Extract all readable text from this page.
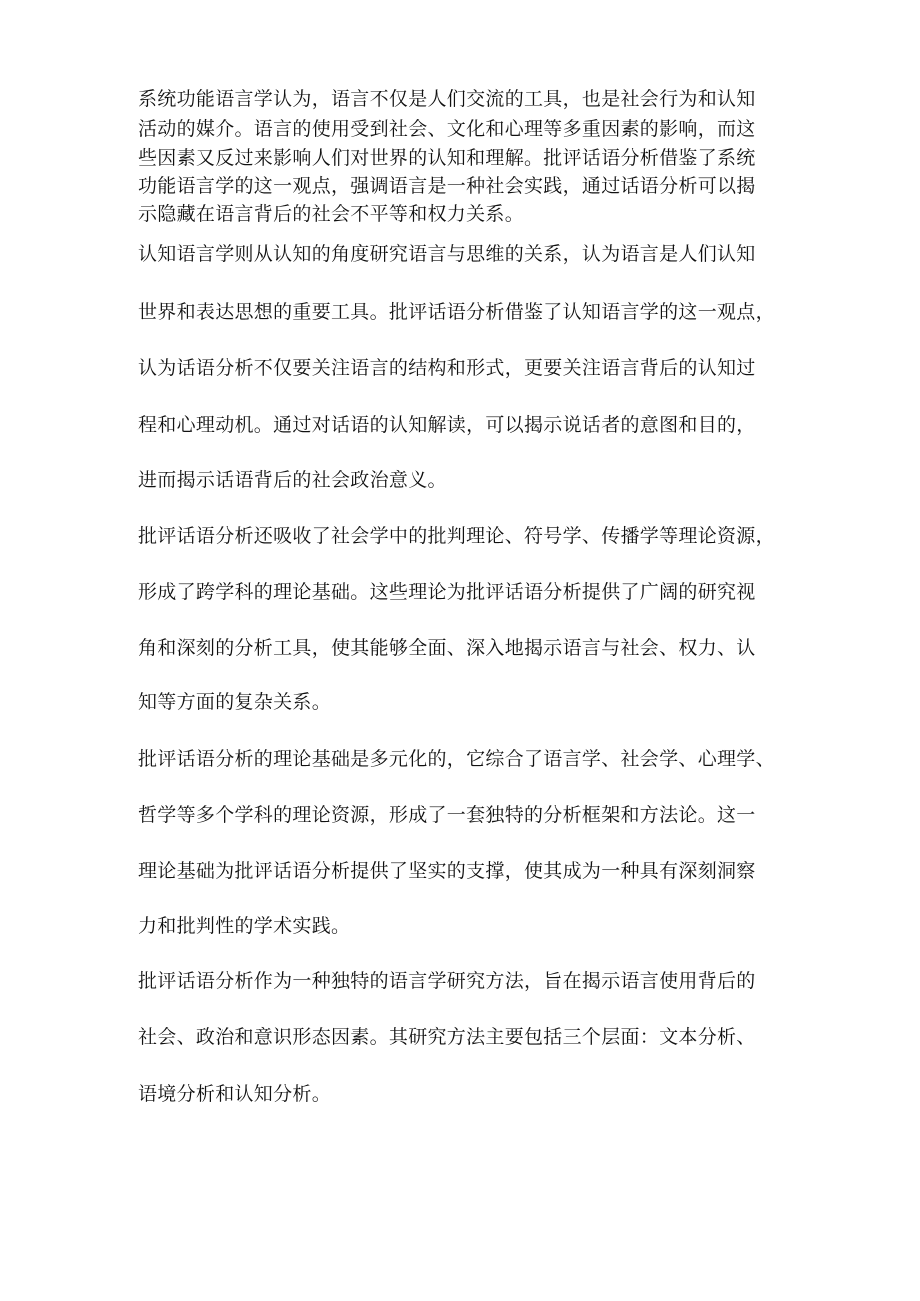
系统功能语言学认为，语言不仅是人们交流的工具，也是社会行为和认知
活动的媒介。语言的使用受到社会、文化和心理等多重因素的影响，而这
些因素又反过来影响人们对世界的认知和理解。批评话语分析借鉴了系统
功能语言学的这一观点，强调语言是一种社会实践，通过话语分析可以揭
示隐藏在语言背后的社会不平等和权力关系。
认知语言学则从认知的角度研究语言与思维的关系，认为语言是人们认知
世界和表达思想的重要工具。批评话语分析借鉴了认知语言学的这一观点，
认为话语分析不仅要关注语言的结构和形式，更要关注语言背后的认知过
程和心理动机。通过对话语的认知解读，可以揭示说话者的意图和目的，
进而揭示话语背后的社会政治意义。
批评话语分析还吸收了社会学中的批判理论、符号学、传播学等理论资源，
形成了跨学科的理论基础。这些理论为批评话语分析提供了广阔的研究视
角和深刻的分析工具，使其能够全面、深入地揭示语言与社会、权力、认
知等方面的复杂关系。
批评话语分析的理论基础是多元化的，它综合了语言学、社会学、心理学、
哲学等多个学科的理论资源，形成了一套独特的分析框架和方法论。这一
理论基础为批评话语分析提供了坚实的支撑，使其成为一种具有深刻洞察
力和批判性的学术实践。
批评话语分析作为一种独特的语言学研究方法，旨在揭示语言使用背后的
社会、政治和意识形态因素。其研究方法主要包括三个层面：文本分析、
语境分析和认知分析。
